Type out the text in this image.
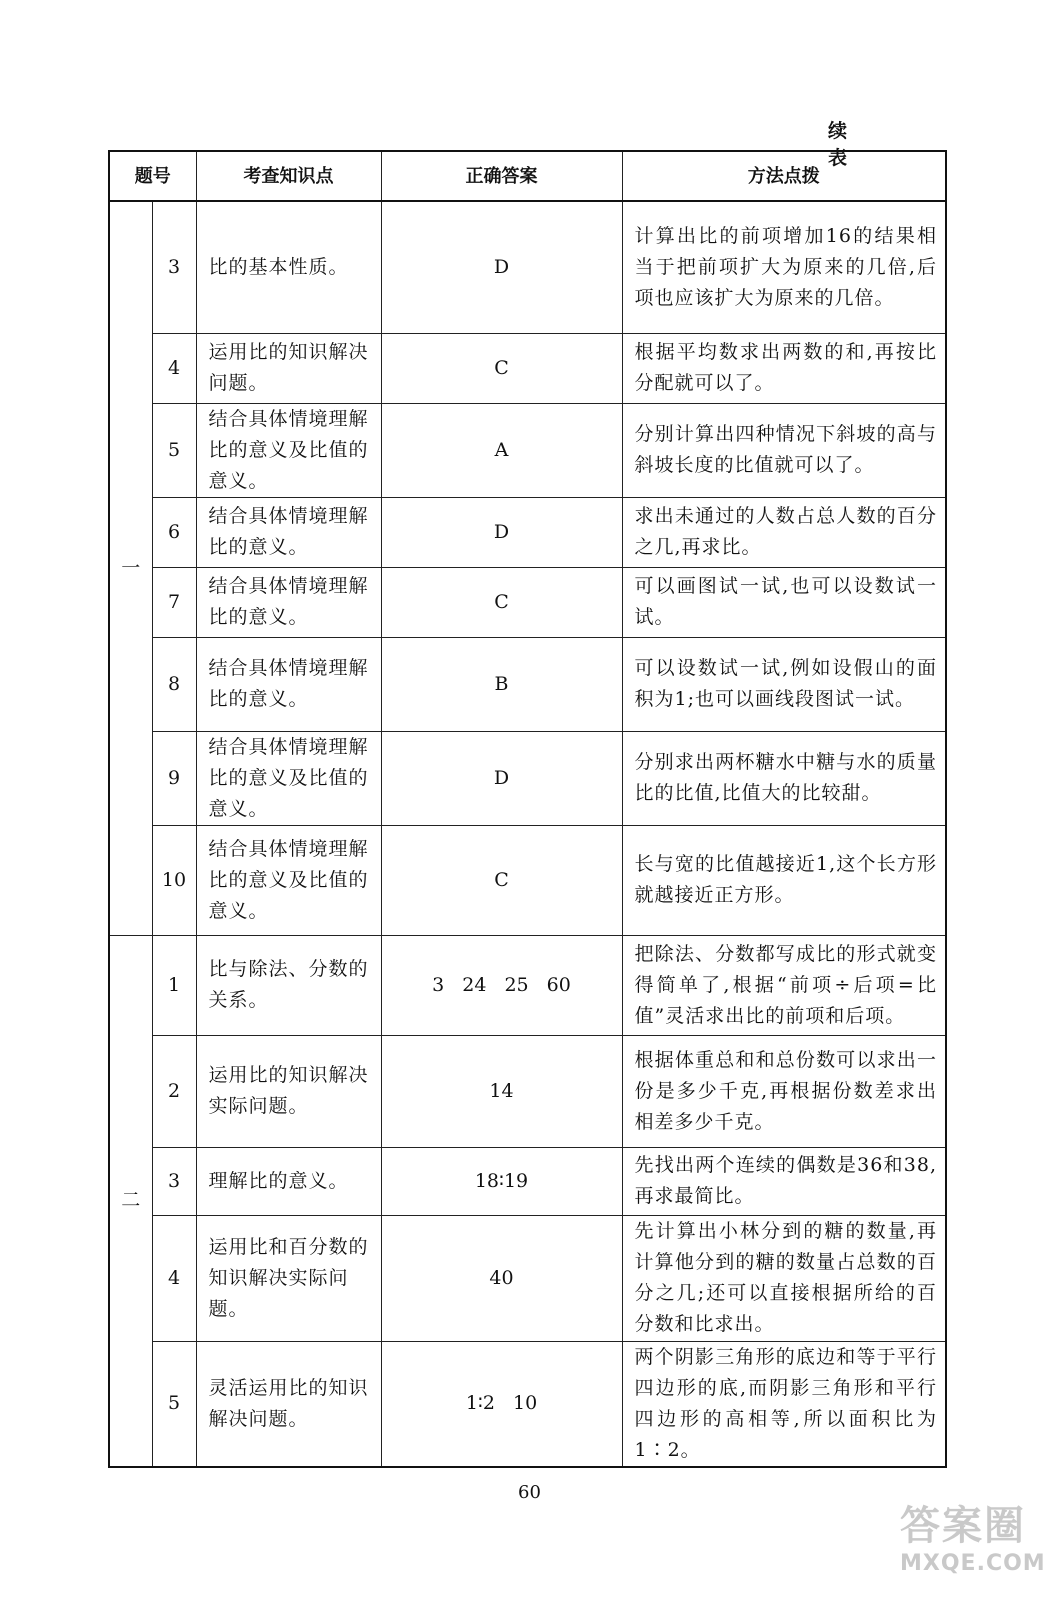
续 表
题号		考查知识点	正确答案	方法点拨
一	3	比的基本性质。	D	计算出比的前项增加16的结果相当于把前项扩大为原来的几倍,后项也应该扩大为原来的几倍。
	4	运用比的知识解决问题。	C	根据平均数求出两数的和,再按比分配就可以了。
	5	结合具体情境理解比的意义及比值的意义。	A	分别计算出四种情况下斜坡的高与斜坡长度的比值就可以了。
	6	结合具体情境理解比的意义。	D	求出未通过的人数占总人数的百分之几,再求比。
	7	结合具体情境理解比的意义。	C	可以画图试一试,也可以设数试一试。
	8	结合具体情境理解比的意义。	B	可以设数试一试,例如设假山的面积为1;也可以画线段图试一试。
	9	结合具体情境理解比的意义及比值的意义。	D	分别求出两杯糖水中糖与水的质量比的比值,比值大的比较甜。
	10	结合具体情境理解比的意义及比值的意义。	C	长与宽的比值越接近1,这个长方形就越接近正方形。
二	1	比与除法、分数的关系。	3 24 25 60	把除法、分数都写成比的形式就变得简单了,根据“前项÷后项=比值”灵活求出比的前项和后项。
	2	运用比的知识解决实际问题。	14	根据体重总和和总份数可以求出一份是多少千克,再根据份数差求出相差多少千克。
	3	理解比的意义。	18∶19	先找出两个连续的偶数是36和38,再求最简比。
	4	运用比和百分数的知识解决实际问题。	40	先计算出小林分到的糖的数量,再计算他分到的糖的数量占总数的百分之几;还可以直接根据所给的百分数和比求出。
	5	灵活运用比的知识解决问题。	1∶2 10	两个阴影三角形的底边和等于平行四边形的底,而阴影三角形和平行四边形的高相等,所以面积比为1∶2。
60
答案圈
MXQE.COM
